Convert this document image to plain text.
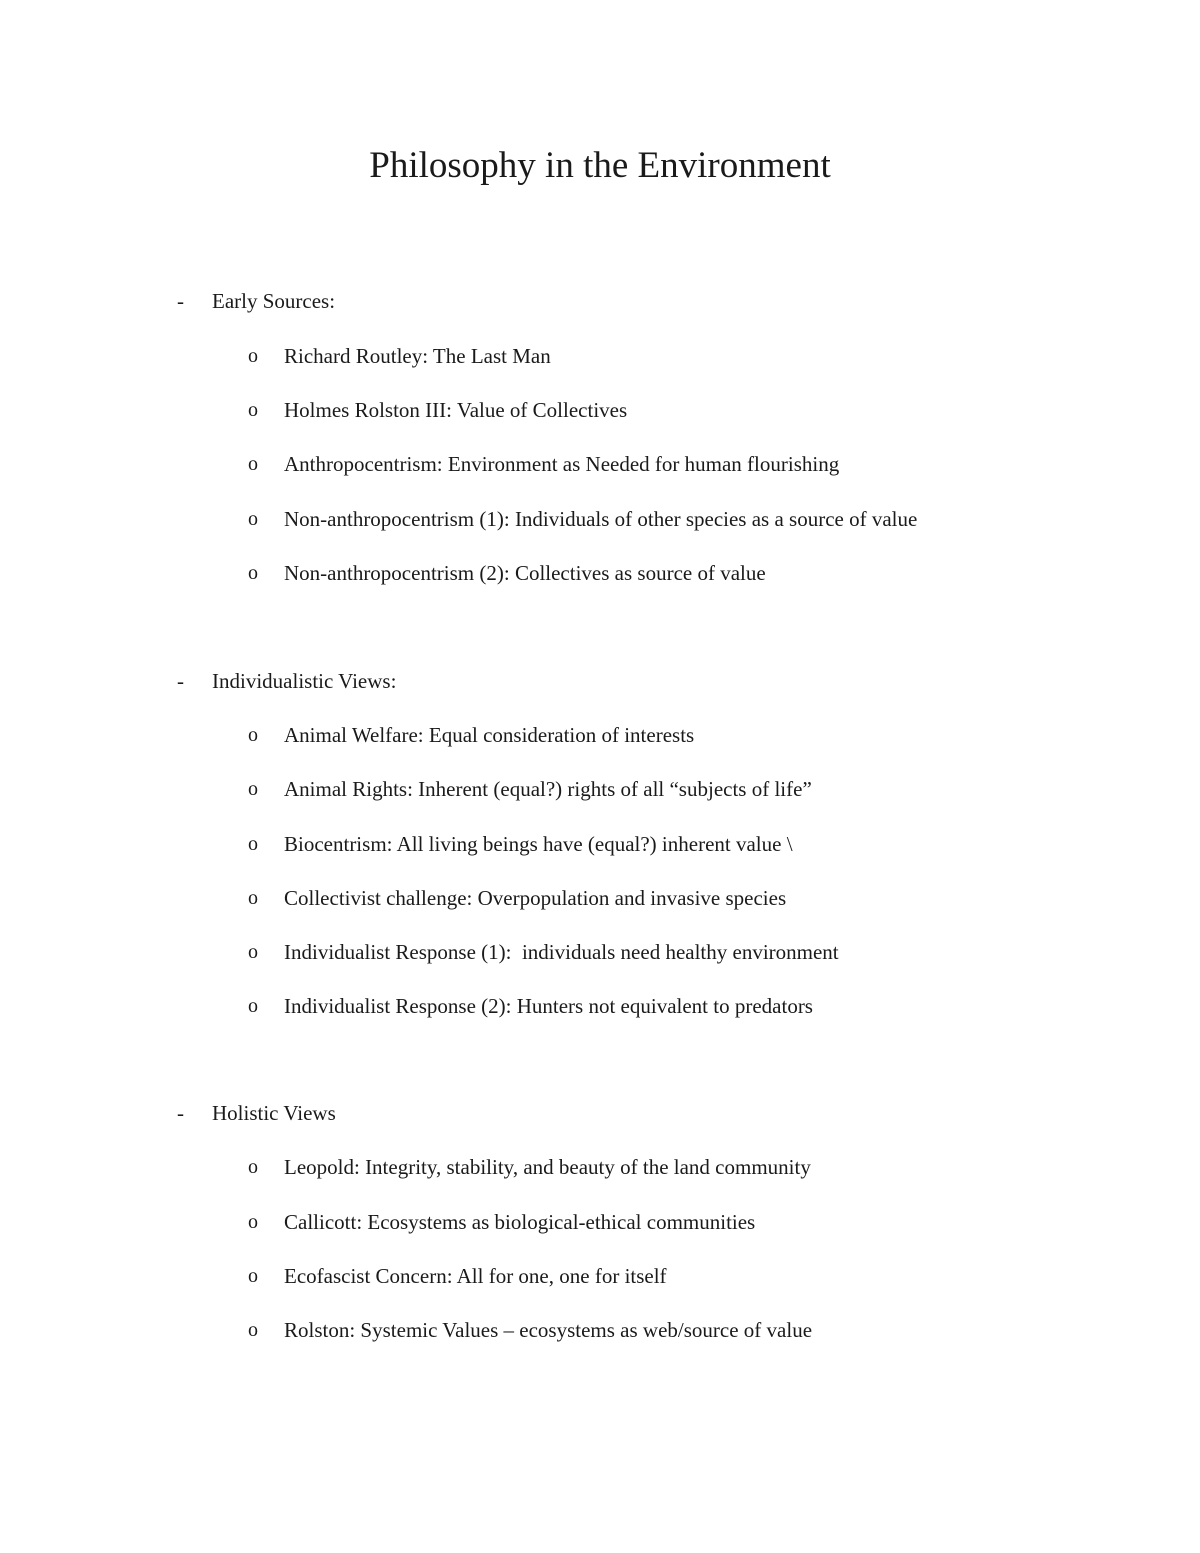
Philosophy in the Environment
- Early Sources:
o Richard Routley: The Last Man
o Holmes Rolston III: Value of Collectives
o Anthropocentrism: Environment as Needed for human flourishing
o Non-anthropocentrism (1): Individuals of other species as a source of value
o Non-anthropocentrism (2): Collectives as source of value
- Individualistic Views:
o Animal Welfare: Equal consideration of interests
o Animal Rights: Inherent (equal?) rights of all “subjects of life”
o Biocentrism: All living beings have (equal?) inherent value \
o Collectivist challenge: Overpopulation and invasive species
o Individualist Response (1):  individuals need healthy environment
o Individualist Response (2): Hunters not equivalent to predators
- Holistic Views
o Leopold: Integrity, stability, and beauty of the land community
o Callicott: Ecosystems as biological-ethical communities
o Ecofascist Concern: All for one, one for itself
o Rolston: Systemic Values – ecosystems as web/source of value
